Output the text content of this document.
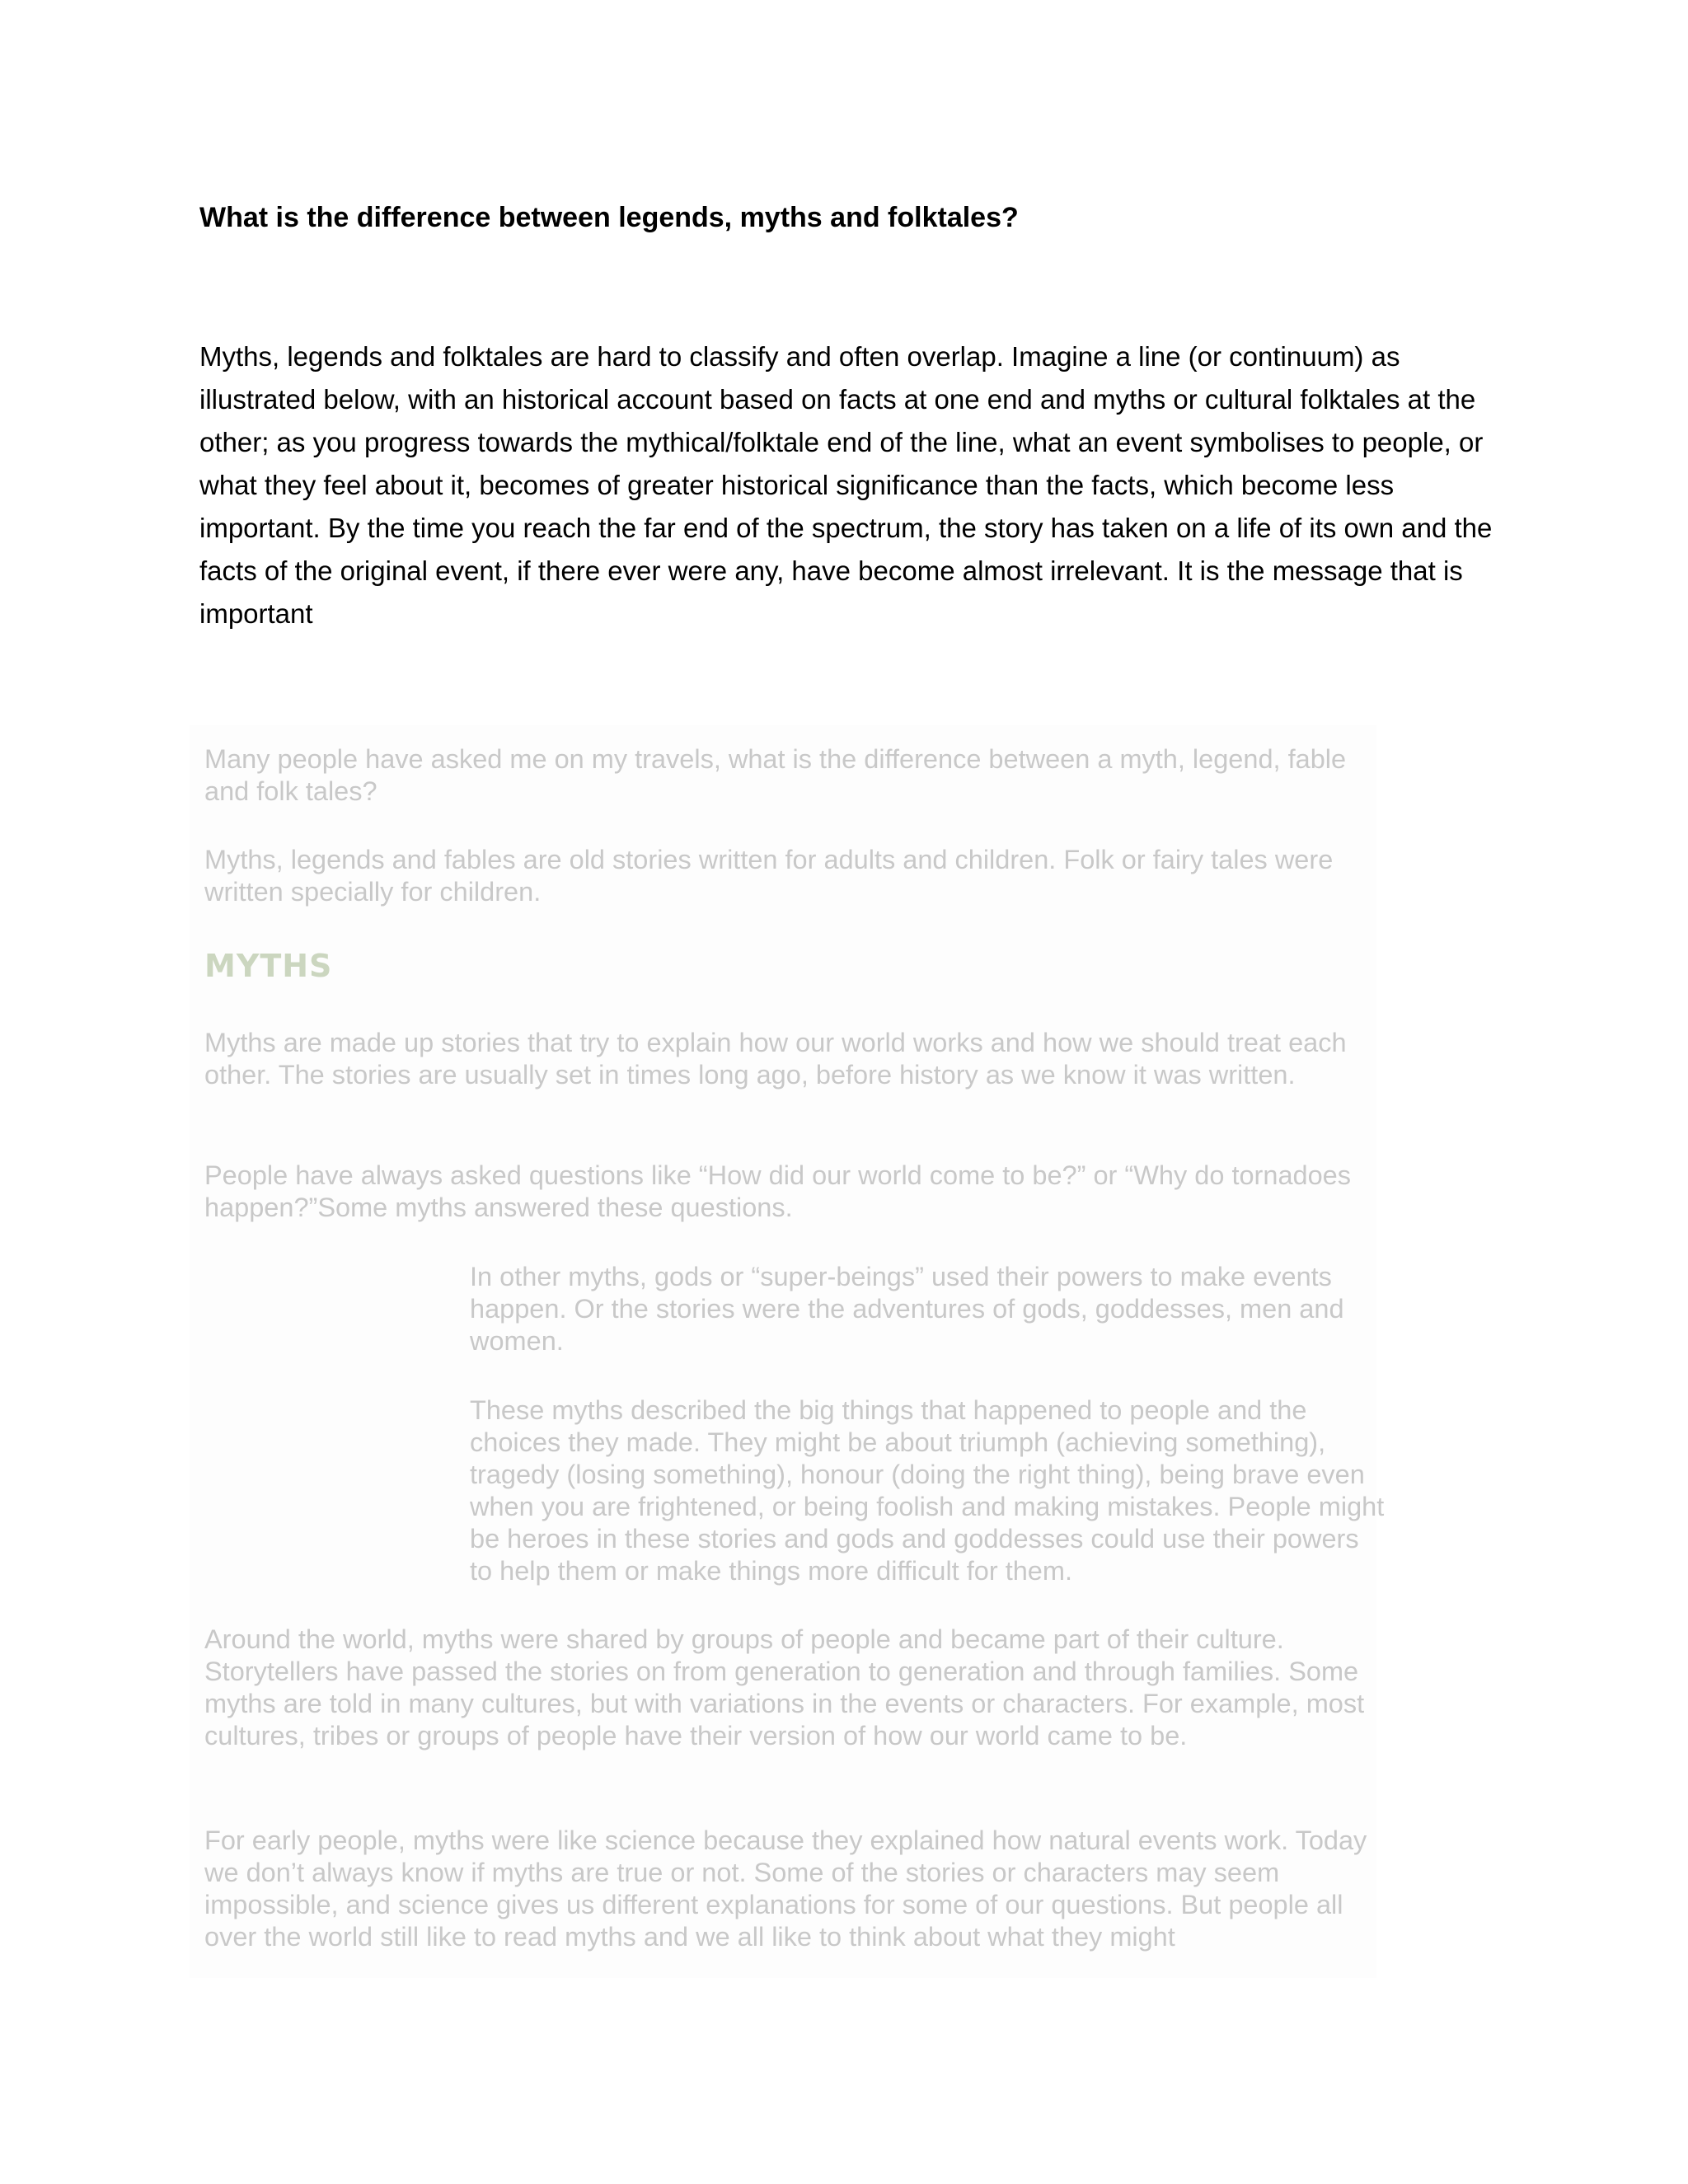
What is the difference between legends, myths and folktales?

Myths, legends and folktales are hard to classify and often overlap. Imagine a line (or continuum) as illustrated below, with an historical account based on facts at one end and myths or cultural folktales at the other; as you progress towards the mythical/folktale end of the line, what an event symbolises to people, or what they feel about it, becomes of greater historical significance than the facts, which become less important. By the time you reach the far end of the spectrum, the story has taken on a life of its own and the facts of the original event, if there ever were any, have become almost irrelevant. It is the message that is important

Many people have asked me on my travels, what is the difference between a myth, legend, fable and folk tales?

Myths, legends and fables are old stories written for adults and children. Folk or fairy tales were written specially for children.

MYTHS

Myths are made up stories that try to explain how our world works and how we should treat each other. The stories are usually set in times long ago, before history as we know it was written.

People have always asked questions like “How did our world come to be?” or “Why do tornadoes happen?”Some myths answered these questions.

In other myths, gods or “super-beings” used their powers to make events happen. Or the stories were the adventures of gods, goddesses, men and women.

These myths described the big things that happened to people and the choices they made. They might be about triumph (achieving something), tragedy (losing something), honour (doing the right thing), being brave even when you are frightened, or being foolish and making mistakes. People might be heroes in these stories and gods and goddesses could use their powers to help them or make things more difficult for them.

Around the world, myths were shared by groups of people and became part of their culture. Storytellers have passed the stories on from generation to generation and through families. Some myths are told in many cultures, but with variations in the events or characters. For example, most cultures, tribes or groups of people have their version of how our world came to be.

For early people, myths were like science because they explained how natural events work. Today we don’t always know if myths are true or not. Some of the stories or characters may seem impossible, and science gives us different explanations for some of our questions. But people all over the world still like to read myths and we all like to think about what they might
